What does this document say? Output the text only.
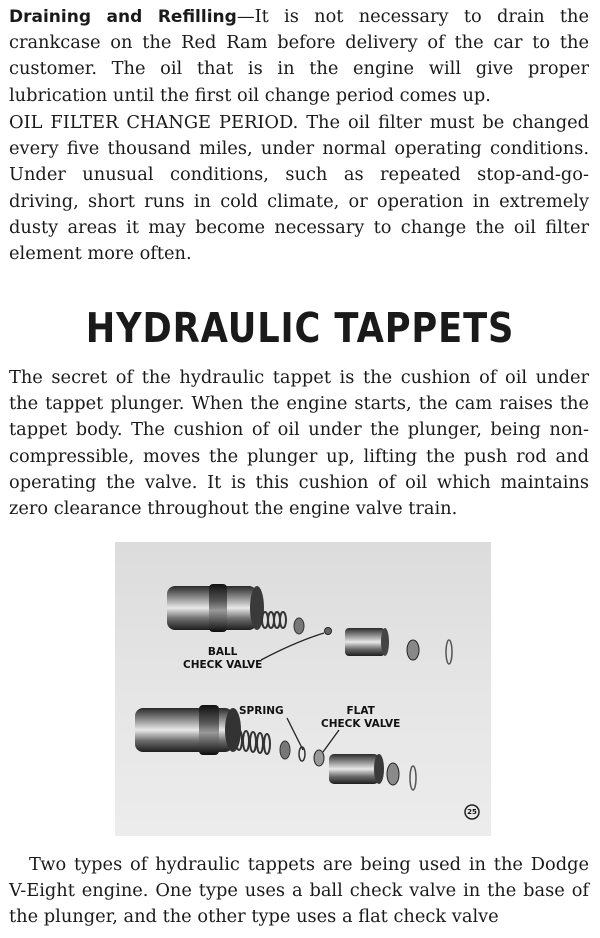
Draining and Refilling—It is not necessary to drain the crankcase on the Red Ram before delivery of the car to the customer. The oil that is in the engine will give proper lubrication until the first oil change period comes up.

OIL FILTER CHANGE PERIOD. The oil filter must be changed every five thousand miles, under normal operating conditions. Under unusual conditions, such as repeated stop-and-go-driving, short runs in cold climate, or operation in extremely dusty areas it may become necessary to change the oil filter element more often.

HYDRAULIC TAPPETS

The secret of the hydraulic tappet is the cushion of oil under the tappet plunger. When the engine starts, the cam raises the tappet body. The cushion of oil under the plunger, being non-compressible, moves the plunger up, lifting the push rod and operating the valve. It is this cushion of oil which maintains zero clearance throughout the engine valve train.

BALL
CHECK VALVE
SPRING	FLAT
CHECK VALVE
25

Two types of hydraulic tappets are being used in the Dodge V-Eight engine. One type uses a ball check valve in the base of the plunger, and the other type uses a flat check valve
